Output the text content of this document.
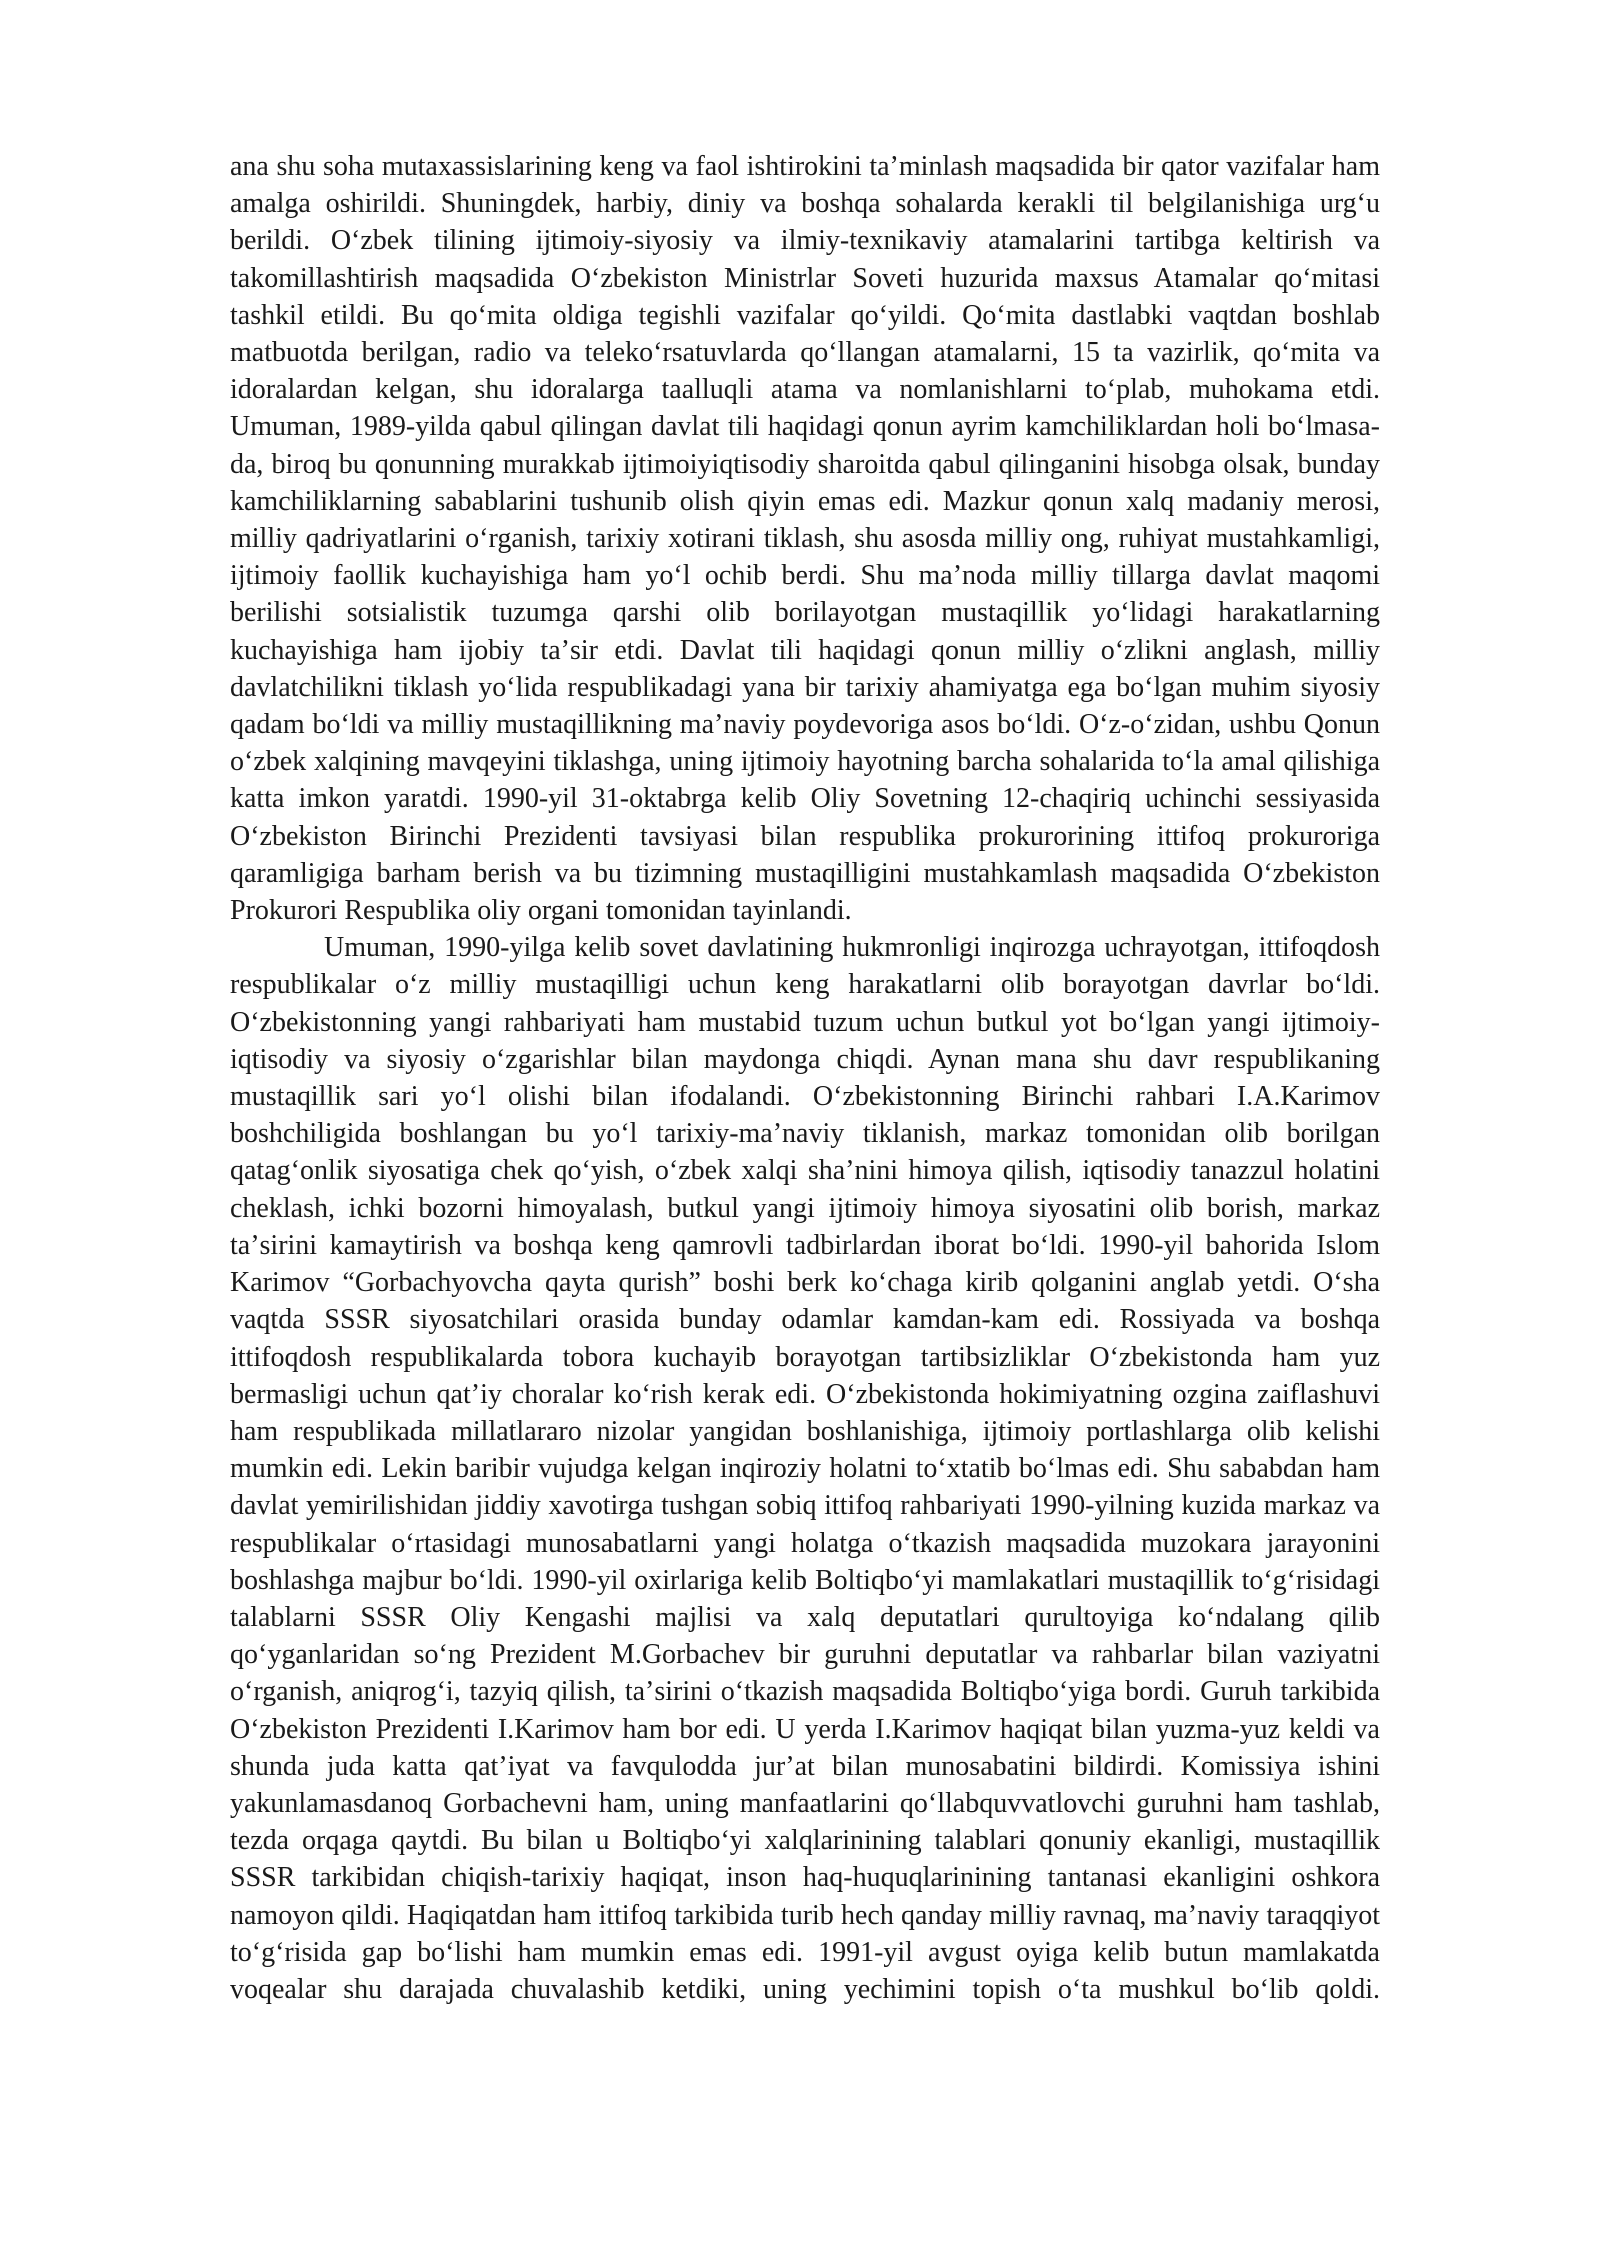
ana shu soha mutaxassislarining keng va faol ishtirokini taʼminlash maqsadida bir qator vazifalar ham amalga oshirildi. Shuningdek, harbiy, diniy va boshqa sohalarda kerakli til belgilanishiga urgʻu berildi. Oʻzbek tilining ijtimoiy-siyosiy va ilmiy-texnikaviy atamalarini tartibga keltirish va takomillashtirish maqsadida Oʻzbekiston Ministrlar Soveti huzurida maxsus Atamalar qoʻmitasi tashkil etildi. Bu qoʻmita oldiga tegishli vazifalar qoʻyildi. Qoʻmita dastlabki vaqtdan boshlab matbuotda berilgan, radio va telekoʻrsatuvlarda qoʻllangan atamalarni, 15 ta vazirlik, qoʻmita va idoralardan kelgan, shu idoralarga taalluqli atama va nomlanishlarni toʻplab, muhokama etdi. Umuman, 1989-yilda qabul qilingan davlat tili haqidagi qonun ayrim kamchiliklardan holi boʻlmasa-da, biroq bu qonunning murakkab ijtimoiyiqtisodiy sharoitda qabul qilinganini hisobga olsak, bunday kamchiliklarning sabablarini tushunib olish qiyin emas edi. Mazkur qonun xalq madaniy merosi, milliy qadriyatlarini oʻrganish, tarixiy xotirani tiklash, shu asosda milliy ong, ruhiyat mustahkamligi, ijtimoiy faollik kuchayishiga ham yoʻl ochib berdi. Shu maʼnoda milliy tillarga davlat maqomi berilishi sotsialistik tuzumga qarshi olib borilayotgan mustaqillik yoʻlidagi harakatlarning kuchayishiga ham ijobiy taʼsir etdi. Davlat tili haqidagi qonun milliy oʻzlikni anglash, milliy davlatchilikni tiklash yoʻlida respublikadagi yana bir tarixiy ahamiyatga ega boʻlgan muhim siyosiy qadam boʻldi va milliy mustaqillikning maʼnaviy poydevoriga asos boʻldi. Oʻz-oʻzidan, ushbu Qonun oʻzbek xalqining mavqeyini tiklashga, uning ijtimoiy hayotning barcha sohalarida toʻla amal qilishiga katta imkon yaratdi. 1990-yil 31-oktabrga kelib Oliy Sovetning 12-chaqiriq uchinchi sessiyasida Oʻzbekiston Birinchi Prezidenti tavsiyasi bilan respublika prokurorining ittifoq prokuroriga qaramligiga barham berish va bu tizimning mustaqilligini mustahkamlash maqsadida Oʻzbekiston Prokurori Respublika oliy organi tomonidan tayinlandi.

Umuman, 1990-yilga kelib sovet davlatining hukmronligi inqirozga uchrayotgan, ittifoqdosh respublikalar oʻz milliy mustaqilligi uchun keng harakatlarni olib borayotgan davrlar boʻldi. Oʻzbekistonning yangi rahbariyati ham mustabid tuzum uchun butkul yot boʻlgan yangi ijtimoiy-iqtisodiy va siyosiy oʻzgarishlar bilan maydonga chiqdi. Aynan mana shu davr respublikaning mustaqillik sari yoʻl olishi bilan ifodalandi. Oʻzbekistonning Birinchi rahbari I.A.Karimov boshchiligida boshlangan bu yoʻl tarixiy-maʼnaviy tiklanish, markaz tomonidan olib borilgan qatagʻonlik siyosatiga chek qoʻyish, oʻzbek xalqi shaʼnini himoya qilish, iqtisodiy tanazzul holatini cheklash, ichki bozorni himoyalash, butkul yangi ijtimoiy himoya siyosatini olib borish, markaz taʼsirini kamaytirish va boshqa keng qamrovli tadbirlardan iborat boʻldi. 1990-yil bahorida Islom Karimov “Gorbachyovcha qayta qurish” boshi berk koʻchaga kirib qolganini anglab yetdi. Oʻsha vaqtda SSSR siyosatchilari orasida bunday odamlar kamdan-kam edi. Rossiyada va boshqa ittifoqdosh respublikalarda tobora kuchayib borayotgan tartibsizliklar Oʻzbekistonda ham yuz bermasligi uchun qatʼiy choralar koʻrish kerak edi. Oʻzbekistonda hokimiyatning ozgina zaiflashuvi ham respublikada millatlararo nizolar yangidan boshlanishiga, ijtimoiy portlashlarga olib kelishi mumkin edi. Lekin baribir vujudga kelgan inqiroziy holatni toʻxtatib boʻlmas edi. Shu sababdan ham davlat yemirilishidan jiddiy xavotirga tushgan sobiq ittifoq rahbariyati 1990-yilning kuzida markaz va respublikalar oʻrtasidagi munosabatlarni yangi holatga oʻtkazish maqsadida muzokara jarayonini boshlashga majbur boʻldi. 1990-yil oxirlariga kelib Boltiqboʻyi mamlakatlari mustaqillik toʻgʻrisidagi talablarni SSSR Oliy Kengashi majlisi va xalq deputatlari qurultoyiga koʻndalang qilib qoʻyganlaridan soʻng Prezident M.Gorbachev bir guruhni deputatlar va rahbarlar bilan vaziyatni oʻrganish, aniqrogʻi, tazyiq qilish, taʼsirini oʻtkazish maqsadida Boltiqboʻyiga bordi. Guruh tarkibida Oʻzbekiston Prezidenti I.Karimov ham bor edi. U yerda I.Karimov haqiqat bilan yuzma-yuz keldi va shunda juda katta qatʼiyat va favqulodda jurʼat bilan munosabatini bildirdi. Komissiya ishini yakunlamasdanoq Gorbachevni ham, uning manfaatlarini qoʻllabquvvatlovchi guruhni ham tashlab, tezda orqaga qaytdi. Bu bilan u Boltiqboʻyi xalqlarinining talablari qonuniy ekanligi, mustaqillik SSSR tarkibidan chiqish-tarixiy haqiqat, inson haq-huquqlarinining tantanasi ekanligini oshkora namoyon qildi. Haqiqatdan ham ittifoq tarkibida turib hech qanday milliy ravnaq, maʼnaviy taraqqiyot toʻgʻrisida gap boʻlishi ham mumkin emas edi. 1991-yil avgust oyiga kelib butun mamlakatda voqealar shu darajada chuvalashib ketdiki, uning yechimini topish oʻta mushkul boʻlib qoldi.
